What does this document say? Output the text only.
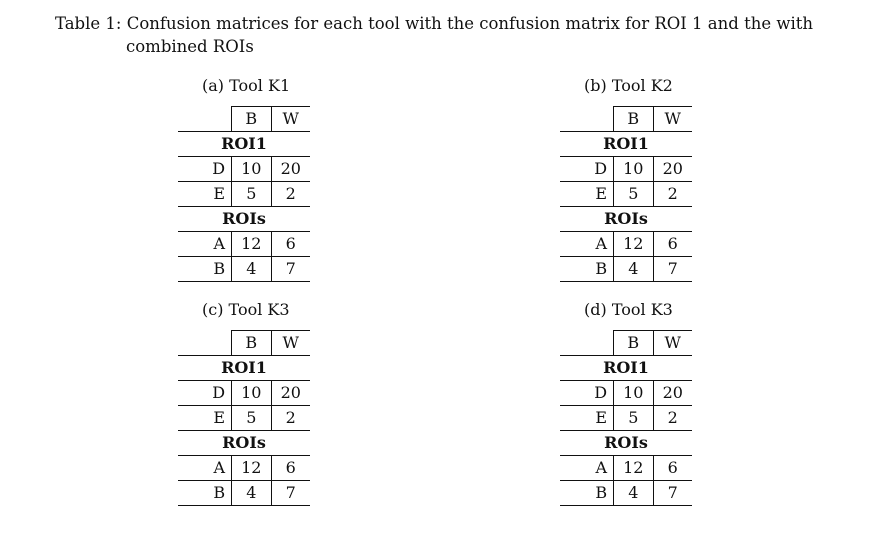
Table 1: Confusion matrices for each tool with the confusion matrix for ROI 1 and the with
combined ROIs
(a) Tool K1
	B	W
ROI1		
D	10	20
E	5	2
ROIs		
A	12	6
B	4	7
(b) Tool K2
	B	W
ROI1		
D	10	20
E	5	2
ROIs		
A	12	6
B	4	7
(c) Tool K3
	B	W
ROI1		
D	10	20
E	5	2
ROIs		
A	12	6
B	4	7
(d) Tool K3
	B	W
ROI1		
D	10	20
E	5	2
ROIs		
A	12	6
B	4	7
